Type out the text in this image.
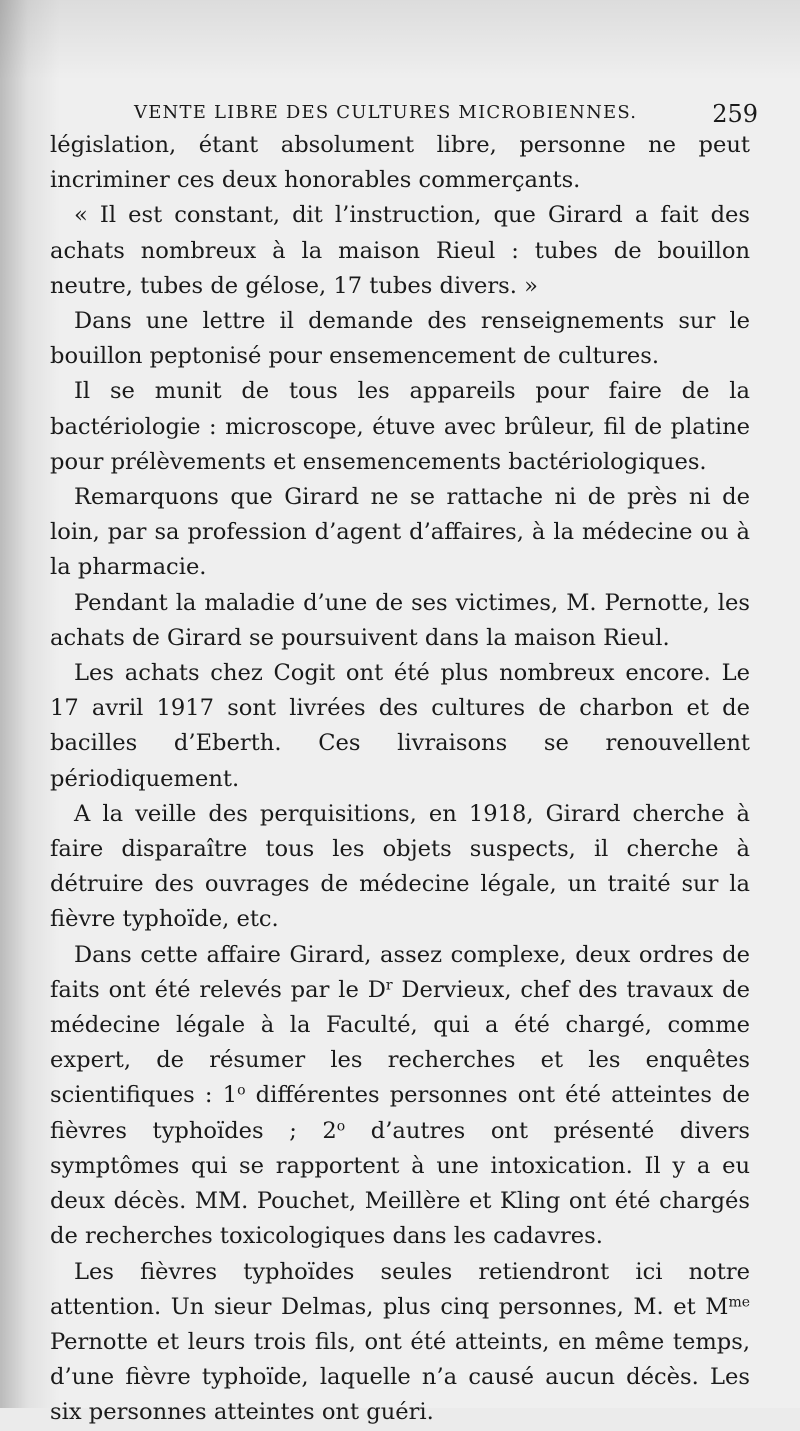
VENTE LIBRE DES CULTURES MICROBIENNES.	259

législation, étant absolument libre, personne ne peut incriminer ces deux honorables commerçants.

« Il est constant, dit l’instruction, que Girard a fait des achats nombreux à la maison Rieul : tubes de bouillon neutre, tubes de gélose, 17 tubes divers. »

Dans une lettre il demande des renseignements sur le bouillon peptonisé pour ensemencement de cultures.

Il se munit de tous les appareils pour faire de la bactériologie : microscope, étuve avec brûleur, fil de platine pour prélèvements et ensemencements bactériologiques.

Remarquons que Girard ne se rattache ni de près ni de loin, par sa profession d’agent d’affaires, à la médecine ou à la pharmacie.

Pendant la maladie d’une de ses victimes, M. Pernotte, les achats de Girard se poursuivent dans la maison Rieul.

Les achats chez Cogit ont été plus nombreux encore. Le 17 avril 1917 sont livrées des cultures de charbon et de bacilles d’Eberth. Ces livraisons se renouvellent périodiquement.

A la veille des perquisitions, en 1918, Girard cherche à faire disparaître tous les objets suspects, il cherche à détruire des ouvrages de médecine légale, un traité sur la fièvre typhoïde, etc.

Dans cette affaire Girard, assez complexe, deux ordres de faits ont été relevés par le $D^r$ Dervieux, chef des travaux de médecine légale à la Faculté, qui a été chargé, comme expert, de résumer les recherches et les enquêtes scientifiques : 1$^o$ différentes personnes ont été atteintes de fièvres typhoïdes ; 2$^o$ d’autres ont présenté divers symptômes qui se rapportent à une intoxication. Il y a eu deux décès. MM. Pouchet, Meillère et Kling ont été chargés de recherches toxicologiques dans les cadavres.

Les fièvres typhoïdes seules retiendront ici notre attention. Un sieur Delmas, plus cinq personnes, M. et $M^{me}$ Pernotte et leurs trois fils, ont été atteints, en même temps, d’une fièvre typhoïde, laquelle n’a causé aucun décès. Les six personnes atteintes ont guéri.
